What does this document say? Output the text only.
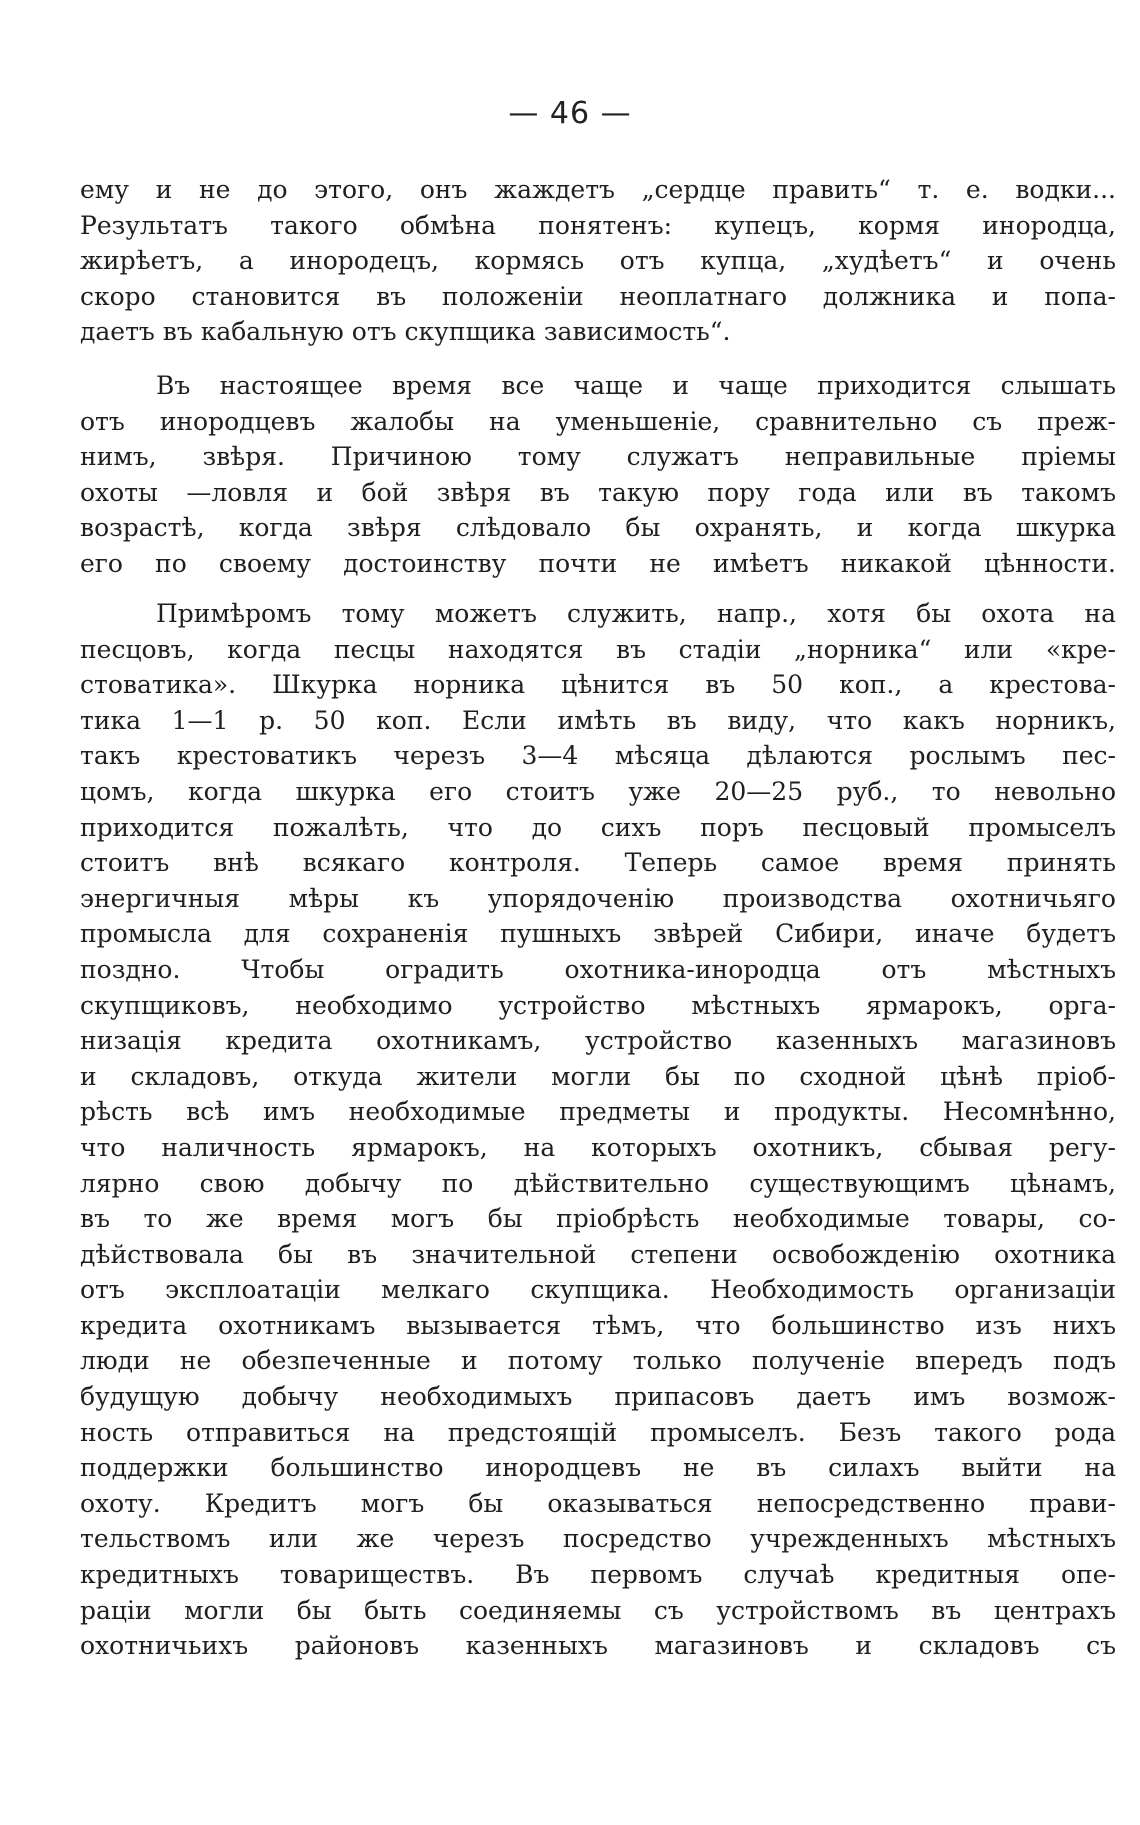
— 46 —
ему и не до этого, онъ жаждетъ „сердце править“ т. е. водки...
Результатъ такого обмѣна понятенъ: купецъ, кормя инородца,
жирѣетъ, а инородецъ, кормясь отъ купца, „худѣетъ“ и очень
скоро становится въ положенiи неоплатнаго должника и попа-
даетъ въ кабальную отъ скупщика зависимость“.
Въ настоящее время все чаще и чаще приходится слышать
отъ инородцевъ жалобы на уменьшенiе, сравнительно съ преж-
нимъ, звѣря. Причиною тому служатъ неправильные прiемы
охоты —ловля и бой звѣря въ такую пору года или въ такомъ
возрастѣ, когда звѣря слѣдовало бы охранять, и когда шкурка
его по своему достоинству почти не имѣетъ никакой цѣнности.
Примѣромъ тому можетъ служить, напр., хотя бы охота на
песцовъ, когда песцы находятся въ стадiи „норника“ или «кре-
стоватика». Шкурка норника цѣнится въ 50 коп., а крестова-
тика 1—1 р. 50 коп. Если имѣть въ виду, что какъ норникъ,
такъ крестоватикъ черезъ 3—4 мѣсяца дѣлаются рослымъ пес-
цомъ, когда шкурка его стоитъ уже 20—25 руб., то невольно
приходится пожалѣть, что до сихъ поръ песцовый промыселъ
стоитъ внѣ всякаго контроля. Теперь самое время принять
энергичныя мѣры къ упорядоченiю производства охотничьяго
промысла для сохраненiя пушныхъ звѣрей Сибири, иначе будетъ
поздно. Чтобы оградить охотника-инородца отъ мѣстныхъ
скупщиковъ, необходимо устройство мѣстныхъ ярмарокъ, орга-
низацiя кредита охотникамъ, устройство казенныхъ магазиновъ
и складовъ, откуда жители могли бы по сходной цѣнѣ прiоб-
рѣсть всѣ имъ необходимые предметы и продукты. Несомнѣнно,
что наличность ярмарокъ, на которыхъ охотникъ, сбывая регу-
лярно свою добычу по дѣйствительно существующимъ цѣнамъ,
въ то же время могъ бы прiобрѣсть необходимые товары, со-
дѣйствовала бы въ значительной степени освобожденiю охотника
отъ эксплоатацiи мелкаго скупщика. Необходимость организацiи
кредита охотникамъ вызывается тѣмъ, что большинство изъ нихъ
люди не обезпеченные и потому только полученiе впередъ подъ
будущую добычу необходимыхъ припасовъ даетъ имъ возмож-
ность отправиться на предстоящiй промыселъ. Безъ такого рода
поддержки большинство инородцевъ не въ силахъ выйти на
охоту. Кредитъ могъ бы оказываться непосредственно прави-
тельствомъ или же черезъ посредство учрежденныхъ мѣстныхъ
кредитныхъ товариществъ. Въ первомъ случаѣ кредитныя опе-
рацiи могли бы быть соединяемы съ устройствомъ въ центрахъ
охотничьихъ районовъ казенныхъ магазиновъ и складовъ съ
